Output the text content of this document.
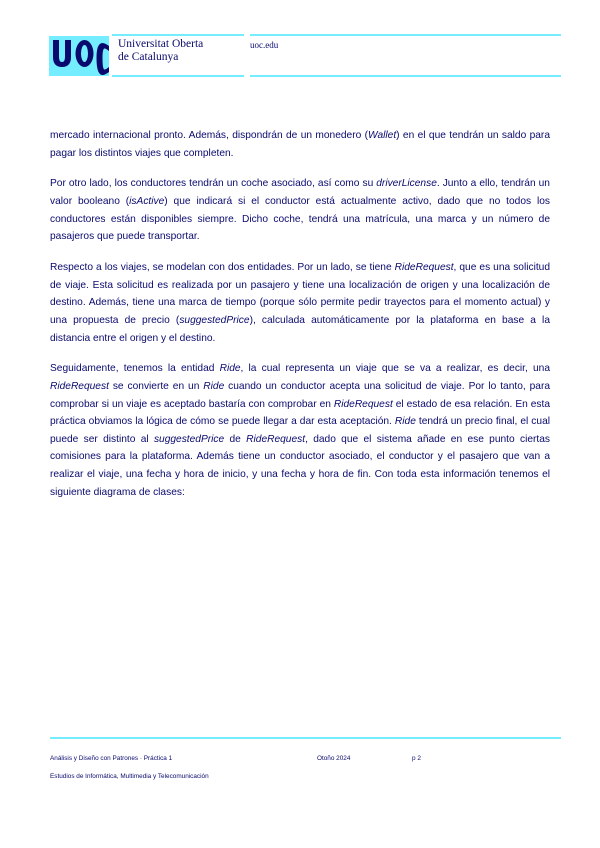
Universitat Oberta
de Catalunya
uoc.edu

mercado internacional pronto. Además, dispondrán de un monedero (Wallet) en el que tendrán un saldo para pagar los distintos viajes que completen.

Por otro lado, los conductores tendrán un coche asociado, así como su driverLicense. Junto a ello, tendrán un valor booleano (isActive) que indicará si el conductor está actualmente activo, dado que no todos los conductores están disponibles siempre. Dicho coche, tendrá una matrícula, una marca y un número de pasajeros que puede transportar.

Respecto a los viajes, se modelan con dos entidades. Por un lado, se tiene RideRequest, que es una solicitud de viaje. Esta solicitud es realizada por un pasajero y tiene una localización de origen y una localización de destino. Además, tiene una marca de tiempo (porque sólo permite pedir trayectos para el momento actual) y una propuesta de precio (suggestedPrice), calculada automáticamente por la plataforma en base a la distancia entre el origen y el destino.

Seguidamente, tenemos la entidad Ride, la cual representa un viaje que se va a realizar, es decir, una RideRequest se convierte en un Ride cuando un conductor acepta una solicitud de viaje. Por lo tanto, para comprobar si un viaje es aceptado bastaría con comprobar en RideRequest el estado de esa relación. En esta práctica obviamos la lógica de cómo se puede llegar a dar esta aceptación. Ride tendrá un precio final, el cual puede ser distinto al suggestedPrice de RideRequest, dado que el sistema añade en ese punto ciertas comisiones para la plataforma. Además tiene un conductor asociado, el conductor y el pasajero que van a realizar el viaje, una fecha y hora de inicio, y una fecha y hora de fin. Con toda esta información tenemos el siguiente diagrama de clases:

Análisis y Diseño con Patrones · Práctica 1	Otoño 2024	p 2
Estudios de Informática, Multimedia y Telecomunicación
